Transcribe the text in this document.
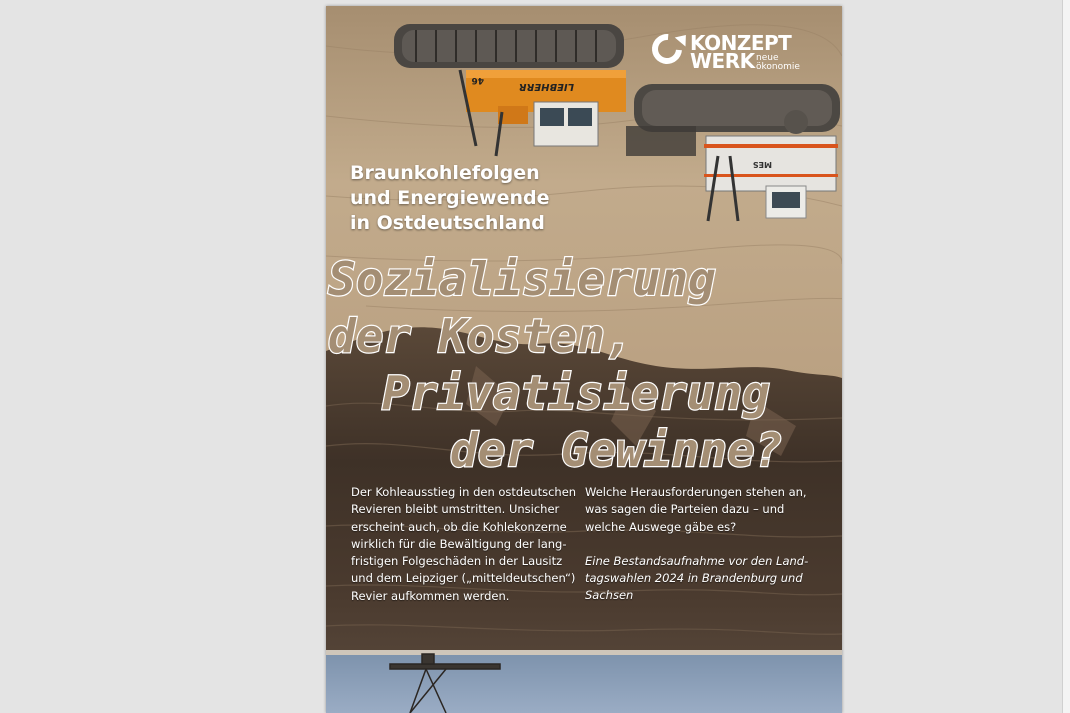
LIEBHERR
46
MES
KONZEPT
WERK neue
ökonomie
Braunkohlefolgen
und Energiewende
in Ostdeutschland
Sozialisierung
der Kosten,
Privatisierung
der Gewinne?
Der Kohleausstieg in den ostdeutschen
Revieren bleibt umstritten. Unsicher
erscheint auch, ob die Kohlekonzerne
wirklich für die Bewältigung der lang-
fristigen Folgeschäden in der Lausitz
und dem Leipziger („mitteldeutschen“)
Revier aufkommen werden.
Welche Herausforderungen stehen an,
was sagen die Parteien dazu – und
welche Auswege gäbe es?
Eine Bestandsaufnahme vor den Land-
tagswahlen 2024 in Brandenburg und
Sachsen
